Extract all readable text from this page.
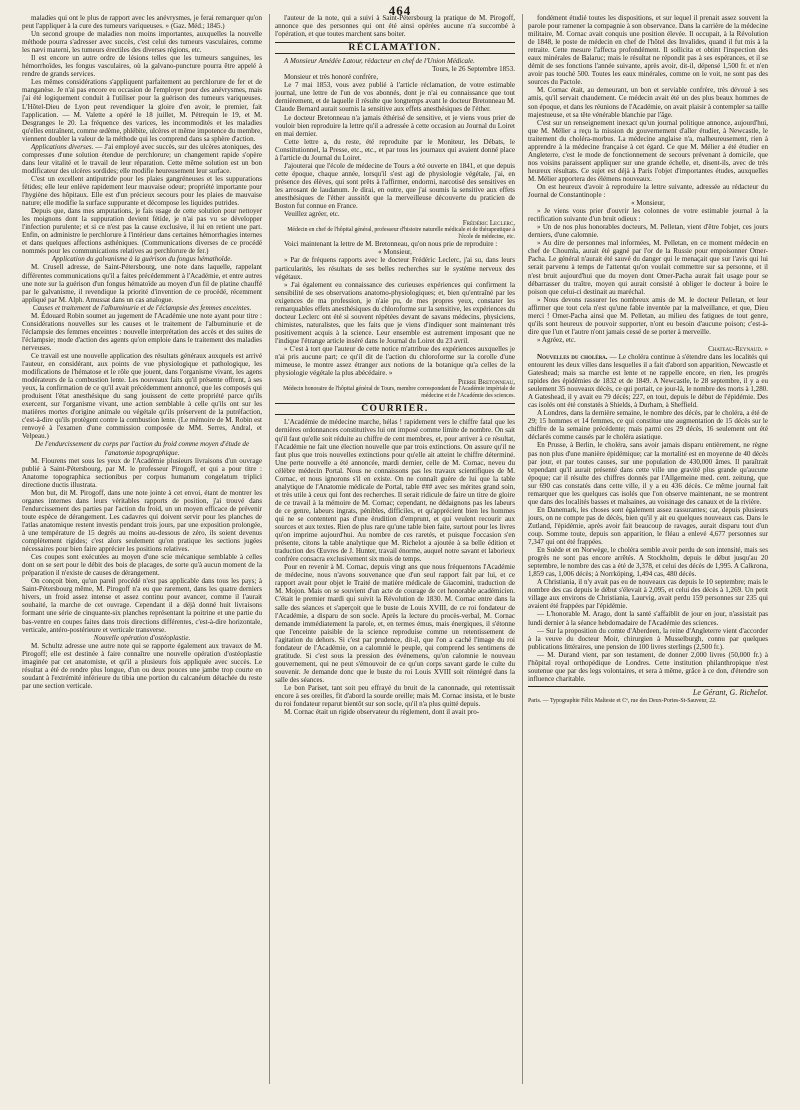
464

maladies qui ont le plus de rapport avec les anévrysmes, je ferai remarquer qu'on peut l'appliquer à la cure des tumeurs variqueuses. » (Gaz. Méd.; 1845.)

Un second groupe de maladies non moins importantes, auxquelles la nouvelle méthode pourra s'adresser avec succès, c'est celui des tumeurs vasculaires, comme les nævi materni, les tumeurs érectiles des diverses régions, etc.

Il est encore un autre ordre de lésions telles que les tumeurs sanguines, les hémorrhoïdes, les fongus vasculaires, où la galvano-puncture pourra être appelé à rendre de grands services.

Les mêmes considérations s'appliquent parfaitement au perchlorure de fer et de manganèse. Je n'ai pas encore eu occasion de l'employer pour des anévrysmes, mais j'ai été logiquement conduit à l'utiliser pour la guérison des tumeurs variqueuses. L'Hôtel-Dieu de Lyon peut revendiquer la gloire d'en avoir, le premier, fait l'application. — M. Valette a opéré le 18 juillet, M. Pétrequin le 19, et M. Desgranges le 20. La fréquence des varices, les incommodités et les maladies qu'elles entraînent, comme œdème, phlébite, ulcères et même impotence du membre, viennent doubler la valeur de la méthode qui les comprend dans sa sphère d'action.

Applications diverses. — J'ai employé avec succès, sur des ulcères atoniques, des compresses d'une solution étendue de perchlorure; un changement rapide s'opère dans leur vitalité et le travail de leur réparation. Cette même solution est un bon modificateur des ulcères sordides; elle modifie heureusement leur surface.

C'est un excellent antiputride pour les plaies gangréneuses et les suppurations fétides; elle leur enlève rapidement leur mauvaise odeur; propriété importante pour l'hygiène des hôpitaux. Elle est d'un précieux secours pour les plaies de mauvaise nature; elle modifie la surface suppurante et décompose les liquides putrides.

Depuis que, dans mes amputations, je fais usage de cette solution pour nettoyer les moignons dont la suppuration devient fétide, je n'ai pas vu se développer l'infection purulente; et si ce n'est pas la cause exclusive, il lui en retient une part. Enfin, on administre le perchlorure à l'intérieur dans certaines hémorrhagies internes et dans quelques affections asthéniques. (Communications diverses de ce procédé nommés pour les communications relatives au perchlorure de fer.)

Application du galvanisme à la guérison du fongus hémathoïde.

M. Crusell adresse, de Saint-Pétersbourg, une note dans laquelle, rappelant différentes communications qu'il a faites précédemment à l'Académie, et entre autres une note sur la guérison d'un fongus hématoïde au moyen d'un fil de platine chauffé par le galvanisme, il revendique la priorité d'invention de ce procédé, récemment appliqué par M. Alph. Amussat dans un cas analogue.

Causes et traitement de l'albuminurie et de l'éclampsie des femmes enceintes.

M. Édouard Robin soumet au jugement de l'Académie une note ayant pour titre : Considérations nouvelles sur les causes et le traitement de l'albuminurie et de l'éclampsie des femmes enceintes : nouvelle interprétation des accès et des suites de l'éclampsie; mode d'action des agents qu'on emploie dans le traitement des maladies nerveuses.

Ce travail est une nouvelle application des résultats généraux auxquels est arrivé l'auteur, en considérant, aux points de vue physiologique et pathologique, les modifications de l'hématose et le rôle que jouent, dans l'organisme vivant, les agens modérateurs de la combustion lente. Les nouveaux faits qu'il présente offrent, à ses yeux, la confirmation de ce qu'il avait précédemment annoncé, que les composés qui produisent l'état anesthésique du sang jouissent de cette propriété parce qu'ils exercent, sur l'organisme vivant, une action semblable à celle qu'ils ont sur les matières mortes d'origine animale ou végétale qu'ils préservent de la putréfaction, c'est-à-dire qu'ils protègent contre la combustion lente. (Le mémoire de M. Robin est renvoyé à l'examen d'une commission composée de MM. Serres, Andral, et Velpeau.)

De l'endurcissement du corps par l'action du froid comme moyen d'étude de l'anatomie topographique.

M. Flourens met sous les yeux de l'Académie plusieurs livraisons d'un ouvrage publié à Saint-Pétersbourg, par M. le professeur Pirogoff, et qui a pour titre : Anatome topographica sectionibus per corpus humanum congelatum triplici directione ductis illustrata.

Mon but, dit M. Pirogoff, dans une note jointe à cet envoi, étant de montrer les organes internes dans leurs véritables rapports de position, j'ai trouvé dans l'endurcissement des parties par l'action du froid, un un moyen efficace de prévenir toute espèce de dérangement. Les cadavres qui doivent servir pour les planches de l'atlas anatomique restent investis pendant trois jours, par une exposition prolongée, à une température de 15 degrés au moins au-dessous de zéro, ils soient devenus complètement rigides; c'est alors seulement qu'on pratique les sections jugées nécessaires pour bien faire apprécier les positions relatives.

Ces coupes sont exécutées au moyen d'une scie mécanique semblable à celles dont on se sert pour le débit des bois de placages, de sorte qu'à aucun moment de la préparation il n'existe de causes de dérangement.

On conçoit bien, qu'un pareil procédé n'est pas applicable dans tous les pays; à Saint-Pétersbourg même, M. Pirogoff n'a eu que rarement, dans les quatre derniers hivers, un froid assez intense et assez continu pour avancer, comme il l'aurait souhaité, la marche de cet ouvrage. Cependant il a déjà donné huit livraisons formant une série de cinquante-six planches représentant la poitrine et une partie du bas-ventre en coupes faites dans trois directions différentes, c'est-à-dire horizontale, verticale, antéro-postérieure et verticale transverse.

Nouvelle opération d'ostéoplastie.

M. Schultz adresse une autre note qui se rapporte également aux travaux de M. Pirogoff; elle est destinée à faire connaître une nouvelle opération d'ostéoplastie imaginée par cet anatomiste, et qu'il a plusieurs fois appliquée avec succès. Le résultat a été de rendre plus longue, d'un ou deux pouces une jambe trop courte en soudant à l'extrémité inférieure du tibia une portion du calcanéum détachée du reste par une section verticale.

l'auteur de la note, qui a suivi à Saint-Pétersbourg la pratique de M. Pirogoff, annonce que des personnes qui ont été ainsi opérées aucune n'a succombé à l'opération, et que toutes marchent sans boiter.

RÉCLAMATION.

A Monsieur Amédée Latour, rédacteur en chef de l'Union Médicale.

Tours, le 26 Septembre 1853.

Monsieur et très honoré confrère,

Le 7 mai 1853, vous avez publié à l'article réclamation, de votre estimable journal, une lettre de l'un de vos abonnés, dont je n'ai eu connaissance que tout dernièrement, et de laquelle il résulte que longtemps avant le docteur Bretonneau M. Claude Bernard aurait soumis la sensitive aux effets anesthésiques de l'éther.

Le docteur Bretonneau n'a jamais éthérisé de sensitive, et je viens vous prier de vouloir bien reproduire la lettre qu'il a adressée à cette occasion au Journal du Loiret en mai dernier.

Cette lettre a, du reste, été reproduite par le Moniteur, les Débats, le Constitutionnel, la Presse, etc., etc., et par tous les journaux qui avaient donné place à l'article du Journal du Loiret.

J'ajouterai que l'école de médecine de Tours a été ouverte en 1841, et que depuis cette époque, chaque année, lorsqu'il s'est agi de physiologie végétale, j'ai, en présence des élèves, qui sont prêts à l'affirmer, endormi, narcotisé des sensitives en les arrosant de laudanum. Je dirai, en outre, que j'ai soumis la sensitive aux effets anesthésiques de l'éther aussitôt que la merveilleuse découverte du praticien de Boston fut connue en France.

Veuillez agréer, etc.

Frédéric Leclerc,

Médecin en chef de l'hôpital général, professeur d'histoire naturelle médicale et de thérapeutique à l'école de médecine, etc.

Voici maintenant la lettre de M. Bretonneau, qu'on nous prie de reproduire :

« Monsieur,

» Par de fréquens rapports avec le docteur Frédéric Leclerc, j'ai su, dans leurs particularités, les résultats de ses belles recherches sur le système nerveux des végétaux.

» J'ai également eu connaissance des curieuses expériences qui confirment la sensibilité de ses observations anatomo-physiologiques; et, bien qu'entraîné par les exigences de ma profession, je n'aie pu, de mes propres yeux, constater les remarquables effets anesthésiques du chloroforme sur la sensitive, les expériences du docteur Leclerc ont été si souvent répétées devant de savans médecins, physiciens, chimistes, naturalistes, que les faits que je viens d'indiquer sont maintenant très positivement acquis à la science. Leur ensemble est autrement imposant que ne l'indique l'étrange article inséré dans le Journal du Loiret du 23 avril.

» C'est à tort que l'auteur de cette notice m'attribue des expériences auxquelles je n'ai pris aucune part; ce qu'il dit de l'action du chloroforme sur la corolle d'une mimeuse, le montre assez étranger aux notions de la botanique qu'a celles de la physiologie végétale la plus abécédaire. »

Pierre Bretonneau,

Médecin honoraire de l'hôpital général de Tours, membre correspondant de l'Académie impériale de médecine et de l'Académie des sciences.

COURRIER.

L'Académie de médecine marche, hélas ! rapidement vers le chiffre fatal que les dernières ordonnances constitutives lui ont imposé comme limite de nombre. On sait qu'il faut qu'elle soit réduite au chiffre de cent membres, et, pour arriver à ce résultat, l'Académie ne fait une élection nouvelle que par trois extinctions. On assure qu'il ne faut plus que trois nouvelles extinctions pour qu'elle ait atteint le chiffre déterminé. Une perte nouvelle a été annoncée, mardi dernier, celle de M. Cornac, neveu du célèbre médecin Portal. Nous ne connaissons pas les travaux scientifiques de M. Cornac, et nous ignorons s'il en existe. On ne connaît guère de lui que la table analytique de l'Anatomie médicale de Portal, table ### avec ses mérites grand soin, et très utile à ceux qui font des recherches. Il serait ridicule de faire un titre de gloire de ce travail à la mémoire de M. Cornac; cependant, ne dédaignons pas les labeurs de ce genre, labeurs ingrats, pénibles, difficiles, et qu'apprécient bien les hommes qui ne se contentent pas d'une érudition d'emprunt, et qui veulent recourir aux sources et aux textes. Rien de plus rare qu'une table bien faite, surtout pour les livres qu'on imprime aujourd'hui. Au nombre de ces raretés, et puisque l'occasion s'en présente, citons la table analytique que M. Richelot a ajoutée à sa belle édition et traduction des Œuvres de J. Hunter, travail énorme, auquel notre savant et laborieux confrère consacra exclusivement six mois de temps.

Pour en revenir à M. Cornac, depuis vingt ans que nous fréquentons l'Académie de médecine, nous n'avons souvenance que d'un seul rapport fait par lui, et ce rapport avait pour objet le Traité de matière médicale de Giacomini, traduction de M. Mojon. Mais on se souvient d'un acte de courage de cet honorable académicien. C'était le premier mardi qui suivit la Révolution de 1830. M. Cornac entre dans la salle des séances et s'aperçoit que le buste de Louis XVIII, de ce roi fondateur de l'Académie, a disparu de son socle. Après la lecture du procès-verbal, M. Cornac demande immédiatement la parole, et, en termes émus, mais énergiques, il s'étonne que l'enceinte paisible de la science reproduise comme un retentissement de l'agitation du dehors. Si c'est par prudence, dit-il, que l'on a caché l'image du roi fondateur de l'Académie, on a calomnié le peuple, qui comprend les sentimens de gratitude. Si c'est sous la pression des événemens, qu'on calomnie le nouveau gouvernement, qui ne peut s'émouvoir de ce qu'un corps savant garde le culte du souvenir. Je demande donc que le buste du roi Louis XVIII soit réintégré dans la salle des séances.

Le bon Pariset, tant soit peu effrayé du bruit de la canonnade, qui retentissait encore à ses oreilles, fit d'abord la sourde oreille; mais M. Cornac insista, et le buste du roi fondateur reparut bientôt sur son socle, qu'il n'a plus quitté depuis.

M. Cornac était un rigide observateur du règlement, dont il avait pro-

fondément étudié toutes les dispositions, et sur lequel il prenait assez souvent la parole pour ramener la compagnie à son observance. Dans la carrière de la médecine militaire, M. Cornac avait conquis une position élevée. Il occupait, à la Révolution de 1848, le poste de médecin en chef de l'hôtel des Invalides, quand il fut mis à la retraite. Cette mesure l'affecta profondément. Il sollicita et obtint l'inspection des eaux minérales de Balaruc; mais le résultat ne répondit pas à ses espérances, et il se démit de ses fonctions l'année suivante, après avoir, dit-il, dépensé 1,500 fr. et n'en avoir pas touché 500. Toutes les eaux minérales, comme on le voit, ne sont pas des sources du Pactole.

M. Cornac était, au demeurant, un bon et serviable confrère, très dévoué à ses amis, qu'il servait chaudement. Ce médecin avait été un des plus beaux hommes de son époque, et dans les réunions de l'Académie, on avait plaisir à contempler sa taille majestueuse, et sa tête vénérable blanchie par l'âge.

C'est sur un renseignement inexact qu'un journal politique annonce, aujourd'hui, que M. Mélier a reçu la mission du gouvernement d'aller étudier, à Newcastle, le traitement du choléra-morbus. La médecine anglaise n'a, malheureusement, rien à apprendre à la médecine française à cet égard. Ce que M. Mélier a été étudier en Angleterre, c'est le mode de fonctionnement de secours prévenant à domicile, que nos voisins paraissent appliquer sur une grande échelle, et, disent-ils, avec de très heureux résultats. Ce sujet est déjà à Paris l'objet d'importantes études, auxquelles M. Mélier apportera des élémens nouveaux.

On est heureux d'avoir à reproduire la lettre suivante, adressée au rédacteur du Journal de Constantinople :

« Monsieur,

» Je viens vous prier d'ouvrir les colonnes de votre estimable journal à la rectification suivante d'un bruit odieux :

» Un de nos plus honorables docteurs, M. Pelletan, vient d'être l'objet, ces jours derniers, d'une calomnie.

» Au dire de personnes mal informées, M. Pelletan, en ce moment médecin en chef de Choumla, aurait été gagné par l'or de la Russie pour empoisonner Omer-Pacha. Le général n'aurait été sauvé du danger qui le menaçait que sur l'avis qui lui serait parvenu à temps de l'attentat qu'on voulait commettre sur sa personne, et il n'est bruit aujourd'hui que du moyen dont Omer-Pacha aurait fait usage pour se débarrasser du traître, moyen qui aurait consisté à obliger le docteur à boire le poison que celui-ci destinait au maréchal.

» Nous devons rassurer les nombreux amis de M. le docteur Pelletan, et leur affirmer que tout cela n'est qu'une fable inventée par la malveillance, et que, Dieu merci ! Omer-Pacha ainsi que M. Pelletan, au milieu des fatigues de tout genre, qu'ils sont heureux de pouvoir supporter, n'ont eu besoin d'aucune poison; c'est-à-dire que l'un et l'autre n'ont jamais cessé de se porter à merveille.

» Agréez, etc.

Chateau-Reynaud. »

Nouvelles du choléra. — Le choléra continue à s'étendre dans les localités qui entourent les deux villes dans lesquelles il a fait d'abord son apparition, Newcastle et Gateshead; mais sa marche est lente et ne rappelle encore, en rien, les progrès rapides des épidémies de 1832 et de 1849. A Newcastle, le 28 septembre, il y a eu seulement 35 nouveaux décès, ce qui portait, ce jour-là, le nombre des morts à 1,280. A Gateshead, il y avait eu 79 décès; 227, en tout, depuis le début de l'épidémie. Des cas isolés ont été constatés à Shields, à Durham, à Sheffield.

A Londres, dans la dernière semaine, le nombre des décès, par le choléra, a été de 29; 15 hommes et 14 femmes, ce qui constitue une augmentation de 15 décès sur le chiffre de la semaine précédente; mais parmi ces 29 décès, 16 seulement ont été déclarés comme causés par le choléra asiatique.

En Prusse, à Berlin, le choléra, sans avoir jamais disparu entièrement, ne règne pas non plus d'une manière épidémique; car la mortalité est en moyenne de 40 décès par jour, et par toutes causes, sur une population de 430,000 âmes. Il paraîtrait cependant qu'il aurait présenté dans cette ville une gravité plus grande qu'aucune époque; car il résulte des chiffres donnés par l'Allgemeine med. cent. zeitung, que sur 690 cas constatés dans cette ville, il y a eu 436 décès. Ce même journal fait remarquer que les quelques cas isolés que l'on observe maintenant, ne se montrent que dans des localités basses et malsaines, au voisinage des canaux et de la rivière.

En Danemark, les choses sont également assez rassurantes; car, depuis plusieurs jours, on ne compte pas de décès, bien qu'il y ait eu quelques nouveaux cas. Dans le Zutland, l'épidémie, après avoir fait beaucoup de ravages, aurait disparu tout d'un coup. Somme toute, depuis son apparition, le fléau a enlevé 4,677 personnes sur 7,347 qui ont été frappées.

En Suède et en Norwège, le choléra semble avoir perdu de son intensité, mais ses progrès ne sont pas encore arrêtés. A Stockholm, depuis le début jusqu'au 20 septembre, le nombre des cas a été de 3,378, et celui des décès de 1,995. A Calkrona, 1,859 cas, 1,006 décès; à Norrköping, 1,494 cas, 480 décès.

A Christiania, il n'y avait pas eu de nouveaux cas depuis le 10 septembre; mais le nombre des cas depuis le début s'élevait à 2,095, et celui des décès à 1,269. Un petit village aux environs de Christiania, Laurvig, avait perdu 159 personnes sur 235 qui avaient été frappées par l'épidémie.

— L'honorable M. Arago, dont la santé s'affaiblit de jour en jour, n'assistait pas lundi dernier à la séance hebdomadaire de l'Académie des sciences.

— Sur la proposition du comte d'Aberdeen, la reine d'Angleterre vient d'accorder à la veuve du docteur Moir, chirurgien à Musselburgh, connu par quelques publications littéraires, une pension de 100 livres sterlings (2,500 fr.).

— M. Durand vient, par son testament, de donner 2,000 livres (50,000 fr.) à l'hôpital royal orthopédique de Londres. Cette institution philanthropique n'est soutenue que par des legs volontaires, et sera à même, grâce à ce don, d'étendre son influence charitable.

Le Gérant, G. Richelot.

Paris. — Typographie Félix Malteste et Cᵉ, rue des Deux-Portes-St-Sauveur, 22.
